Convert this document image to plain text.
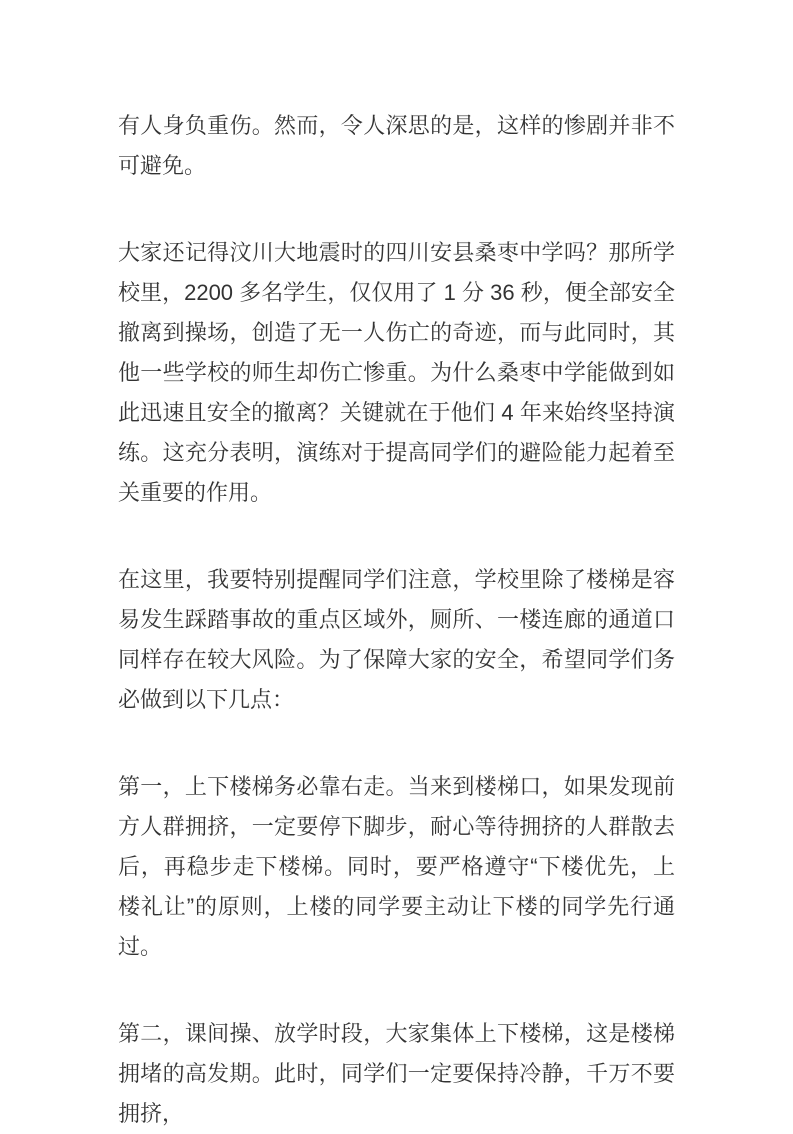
有人身负重伤。然而，令人深思的是，这样的惨剧并非不可避免。

大家还记得汶川大地震时的四川安县桑枣中学吗？那所学校里，2200 多名学生，仅仅用了 1 分 36 秒，便全部安全撤离到操场，创造了无一人伤亡的奇迹，而与此同时，其他一些学校的师生却伤亡惨重。为什么桑枣中学能做到如此迅速且安全的撤离？关键就在于他们 4 年来始终坚持演练。这充分表明，演练对于提高同学们的避险能力起着至关重要的作用。

在这里，我要特别提醒同学们注意，学校里除了楼梯是容易发生踩踏事故的重点区域外，厕所、一楼连廊的通道口同样存在较大风险。为了保障大家的安全，希望同学们务必做到以下几点：

第一，上下楼梯务必靠右走。当来到楼梯口，如果发现前方人群拥挤，一定要停下脚步，耐心等待拥挤的人群散去后，再稳步走下楼梯。同时，要严格遵守“下楼优先，上楼礼让”的原则，上楼的同学要主动让下楼的同学先行通过。

第二，课间操、放学时段，大家集体上下楼梯，这是楼梯拥堵的高发期。此时，同学们一定要保持冷静，千万不要拥挤，
